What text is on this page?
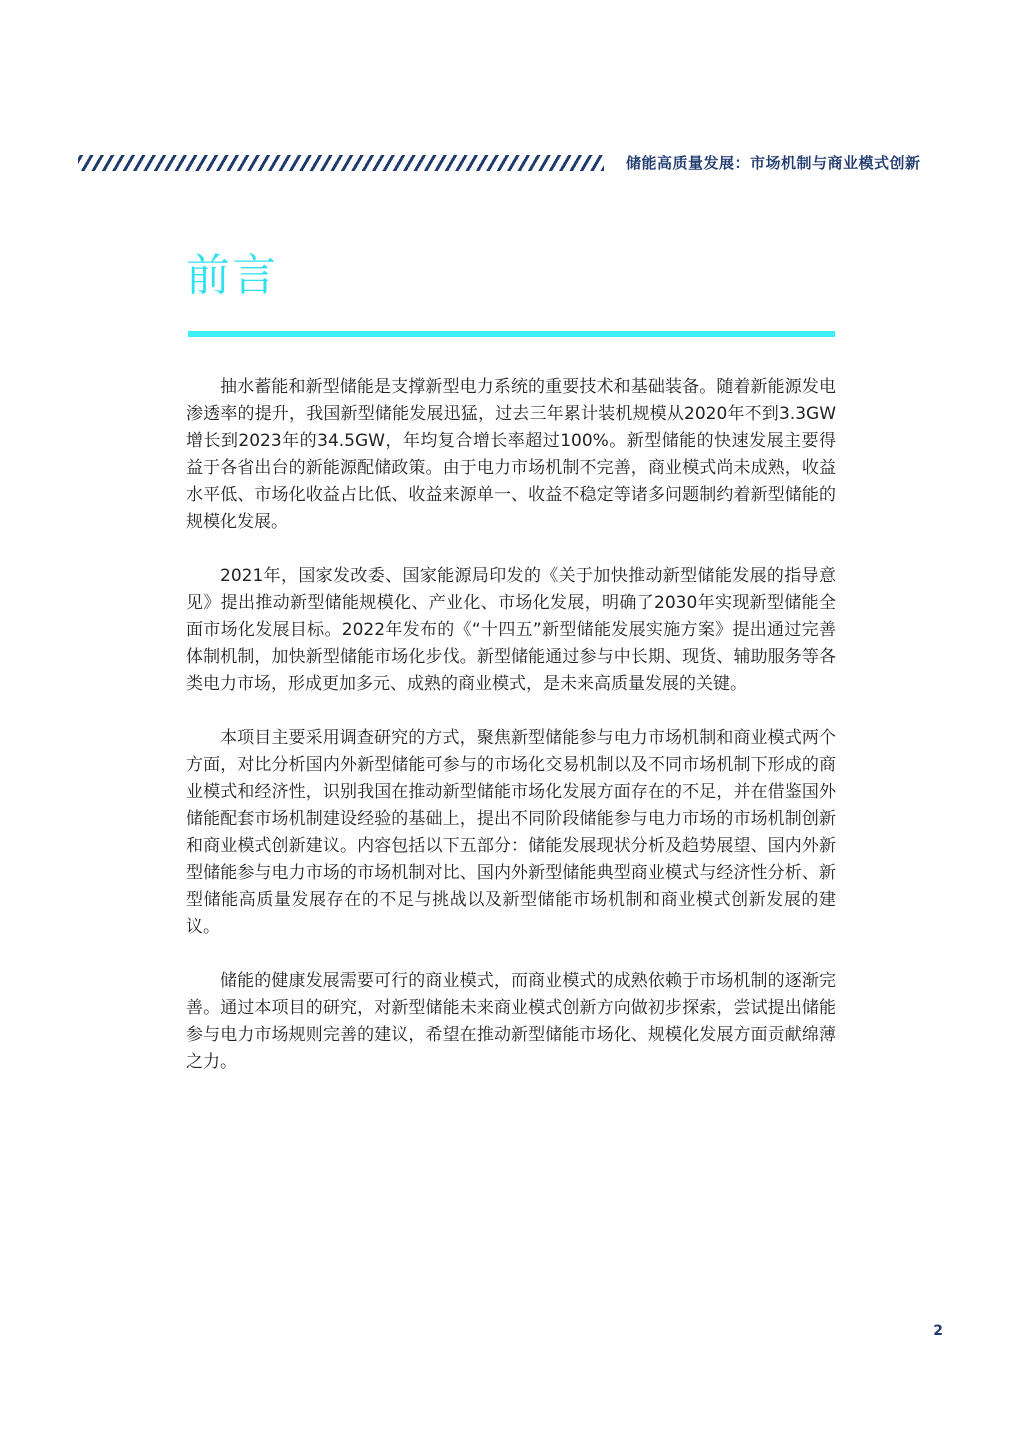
储能高质量发展：市场机制与商业模式创新
前言

抽水蓄能和新型储能是支撑新型电力系统的重要技术和基础装备。随着新能源发电渗透率的提升，我国新型储能发展迅猛，过去三年累计装机规模从2020年不到3.3GW增长到2023年的34.5GW，年均复合增长率超过100%。新型储能的快速发展主要得益于各省出台的新能源配储政策。由于电力市场机制不完善，商业模式尚未成熟，收益水平低、市场化收益占比低、收益来源单一、收益不稳定等诸多问题制约着新型储能的规模化发展。

2021年，国家发改委、国家能源局印发的《关于加快推动新型储能发展的指导意见》提出推动新型储能规模化、产业化、市场化发展，明确了2030年实现新型储能全面市场化发展目标。2022年发布的《“十四五”新型储能发展实施方案》提出通过完善体制机制，加快新型储能市场化步伐。新型储能通过参与中长期、现货、辅助服务等各类电力市场，形成更加多元、成熟的商业模式，是未来高质量发展的关键。

本项目主要采用调查研究的方式，聚焦新型储能参与电力市场机制和商业模式两个方面，对比分析国内外新型储能可参与的市场化交易机制以及不同市场机制下形成的商业模式和经济性，识别我国在推动新型储能市场化发展方面存在的不足，并在借鉴国外储能配套市场机制建设经验的基础上，提出不同阶段储能参与电力市场的市场机制创新和商业模式创新建议。内容包括以下五部分：储能发展现状分析及趋势展望、国内外新型储能参与电力市场的市场机制对比、国内外新型储能典型商业模式与经济性分析、新型储能高质量发展存在的不足与挑战以及新型储能市场机制和商业模式创新发展的建议。

储能的健康发展需要可行的商业模式，而商业模式的成熟依赖于市场机制的逐渐完善。通过本项目的研究，对新型储能未来商业模式创新方向做初步探索，尝试提出储能参与电力市场规则完善的建议，希望在推动新型储能市场化、规模化发展方面贡献绵薄之力。

2
